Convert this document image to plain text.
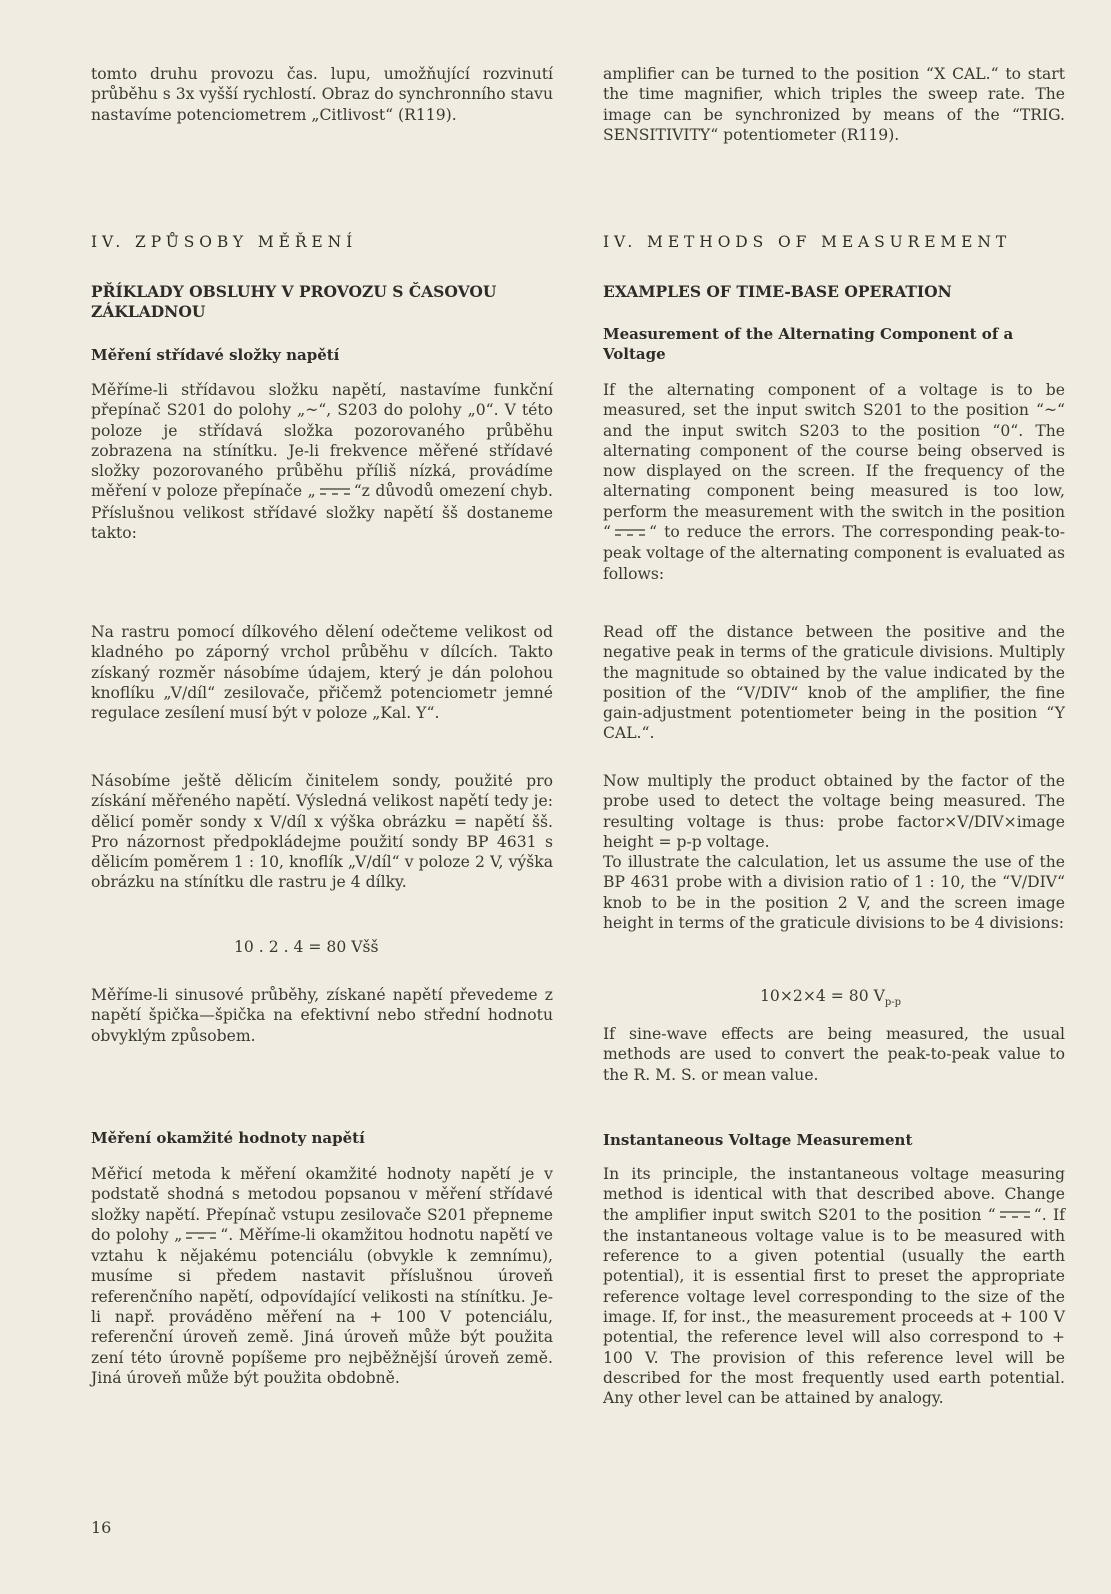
tomto druhu provozu čas. lupu, umožňující rozvinutí průběhu s 3x vyšší rychlostí. Obraz do synchronního stavu nastavíme potenciometrem „Citlivost“ (R119).

IV. ZPŮSOBY MĚŘENÍ
PŘÍKLADY OBSLUHY V PROVOZU S ČASOVOU ZÁKLADNOU
Měření střídavé složky napětí

Měříme-li střídavou složku napětí, nastavíme funkční přepínač S201 do polohy „~“, S203 do polohy „0“. V této poloze je střídavá složka pozorovaného průběhu zobrazena na stínítku. Je-li frekvence měřené střídavé složky pozorovaného průběhu příliš nízká, provádíme měření v poloze přepínače „ “z důvodů omezení chyb. Příslušnou velikost střídavé složky napětí šš dostaneme takto:

Na rastru pomocí dílkového dělení odečteme velikost od kladného po záporný vrchol průběhu v dílcích. Takto získaný rozměr násobíme údajem, který je dán polohou knoflíku „V/díl“ zesilovače, přičemž potenciometr jemné regulace zesílení musí být v poloze „Kal. Y“.

Násobíme ještě dělicím činitelem sondy, použité pro získání měřeného napětí. Výsledná velikost napětí tedy je: dělicí poměr sondy x V/díl x výška obrázku = napětí šš. Pro názornost předpokládejme použití sondy BP 4631 s dělicím poměrem 1 : 10, knoflík „V/díl“ v poloze 2 V, výška obrázku na stínítku dle rastru je 4 dílky.

10 . 2 . 4 = 80 Všš

Měříme-li sinusové průběhy, získané napětí převedeme z napětí špička—špička na efektivní nebo střední hodnotu obvyklým způsobem.

Měření okamžité hodnoty napětí

Měřicí metoda k měření okamžité hodnoty napětí je v podstatě shodná s metodou popsanou v měření střídavé složky napětí. Přepínač vstupu zesilovače S201 přepneme do polohy „ “. Měříme-li okamžitou hodnotu napětí ve vztahu k nějakému potenciálu (obvykle k zemnímu), musíme si předem nastavit příslušnou úroveň referenčního napětí, odpovídající velikosti na stínítku. Je-li např. prováděno měření na + 100 V potenciálu, referenční úroveň země. Jiná úroveň může být použita zení této úrovně popíšeme pro nejběžnější úroveň země. Jiná úroveň může být použita obdobně.

16

amplifier can be turned to the position “X CAL.“ to start the time magnifier, which triples the sweep rate. The image can be synchronized by means of the “TRIG. SENSITIVITY“ potentiometer (R119).

IV. METHODS OF MEASUREMENT
EXAMPLES OF TIME-BASE OPERATION
Measurement of the Alternating Component of a Voltage

If the alternating component of a voltage is to be measured, set the input switch S201 to the position “~“ and the input switch S203 to the position “0“. The alternating component of the course being observed is now displayed on the screen. If the frequency of the alternating component being measured is too low, perform the measurement with the switch in the position “ “ to reduce the errors. The corresponding peak-to-peak voltage of the alternating component is evaluated as follows:

Read off the distance between the positive and the negative peak in terms of the graticule divisions. Multiply the magnitude so obtained by the value indicated by the position of the “V/DIV“ knob of the amplifier, the fine gain-adjustment potentiometer being in the position “Y CAL.“.

Now multiply the product obtained by the factor of the probe used to detect the voltage being measured. The resulting voltage is thus: probe factor×V/DIV×image height = p-p voltage.

To illustrate the calculation, let us assume the use of the BP 4631 probe with a division ratio of 1 : 10, the “V/DIV“ knob to be in the position 2 V, and the screen image height in terms of the graticule divisions to be 4 divisions:

10×2×4 = 80 $V_{p-p}$

If sine-wave effects are being measured, the usual methods are used to convert the peak-to-peak value to the R. M. S. or mean value.

Instantaneous Voltage Measurement

In its principle, the instantaneous voltage measuring method is identical with that described above. Change the amplifier input switch S201 to the position “ “. If the instantaneous voltage value is to be measured with reference to a given potential (usually the earth potential), it is essential first to preset the appropriate reference voltage level corresponding to the size of the image. If, for inst., the measurement proceeds at + 100 V potential, the reference level will also correspond to + 100 V. The provision of this reference level will be described for the most frequently used earth potential. Any other level can be attained by analogy.
